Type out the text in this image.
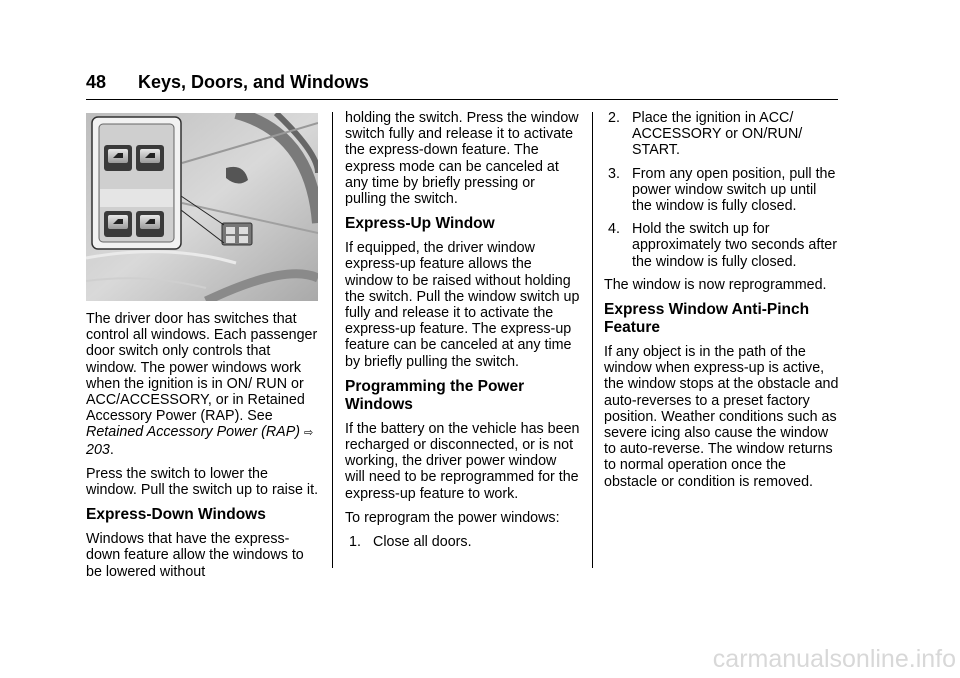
48 Keys, Doors, and Windows

The driver door has switches that control all windows. Each passenger door switch only controls that window. The power windows work when the ignition is in ON/ RUN or ACC/ACCESSORY, or in Retained Accessory Power (RAP). See Retained Accessory Power (RAP) ⇨ 203.

Press the switch to lower the window. Pull the switch up to raise it.

Express-Down Windows

Windows that have the express-down feature allow the windows to be lowered without

holding the switch. Press the window switch fully and release it to activate the express-down feature. The express mode can be canceled at any time by briefly pressing or pulling the switch.

Express-Up Window

If equipped, the driver window express-up feature allows the window to be raised without holding the switch. Pull the window switch up fully and release it to activate the express-up feature. The express-up feature can be canceled at any time by briefly pulling the switch.

Programming the Power Windows

If the battery on the vehicle has been recharged or disconnected, or is not working, the driver power window will need to be reprogrammed for the express-up feature to work.

To reprogram the power windows:

1. Close all doors.
2. Place the ignition in ACC/ ACCESSORY or ON/RUN/ START.
3. From any open position, pull the power window switch up until the window is fully closed.
4. Hold the switch up for approximately two seconds after the window is fully closed.

The window is now reprogrammed.

Express Window Anti-Pinch Feature

If any object is in the path of the window when express-up is active, the window stops at the obstacle and auto-reverses to a preset factory position. Weather conditions such as severe icing also cause the window to auto-reverse. The window returns to normal operation once the obstacle or condition is removed.

carmanualsonline.info
